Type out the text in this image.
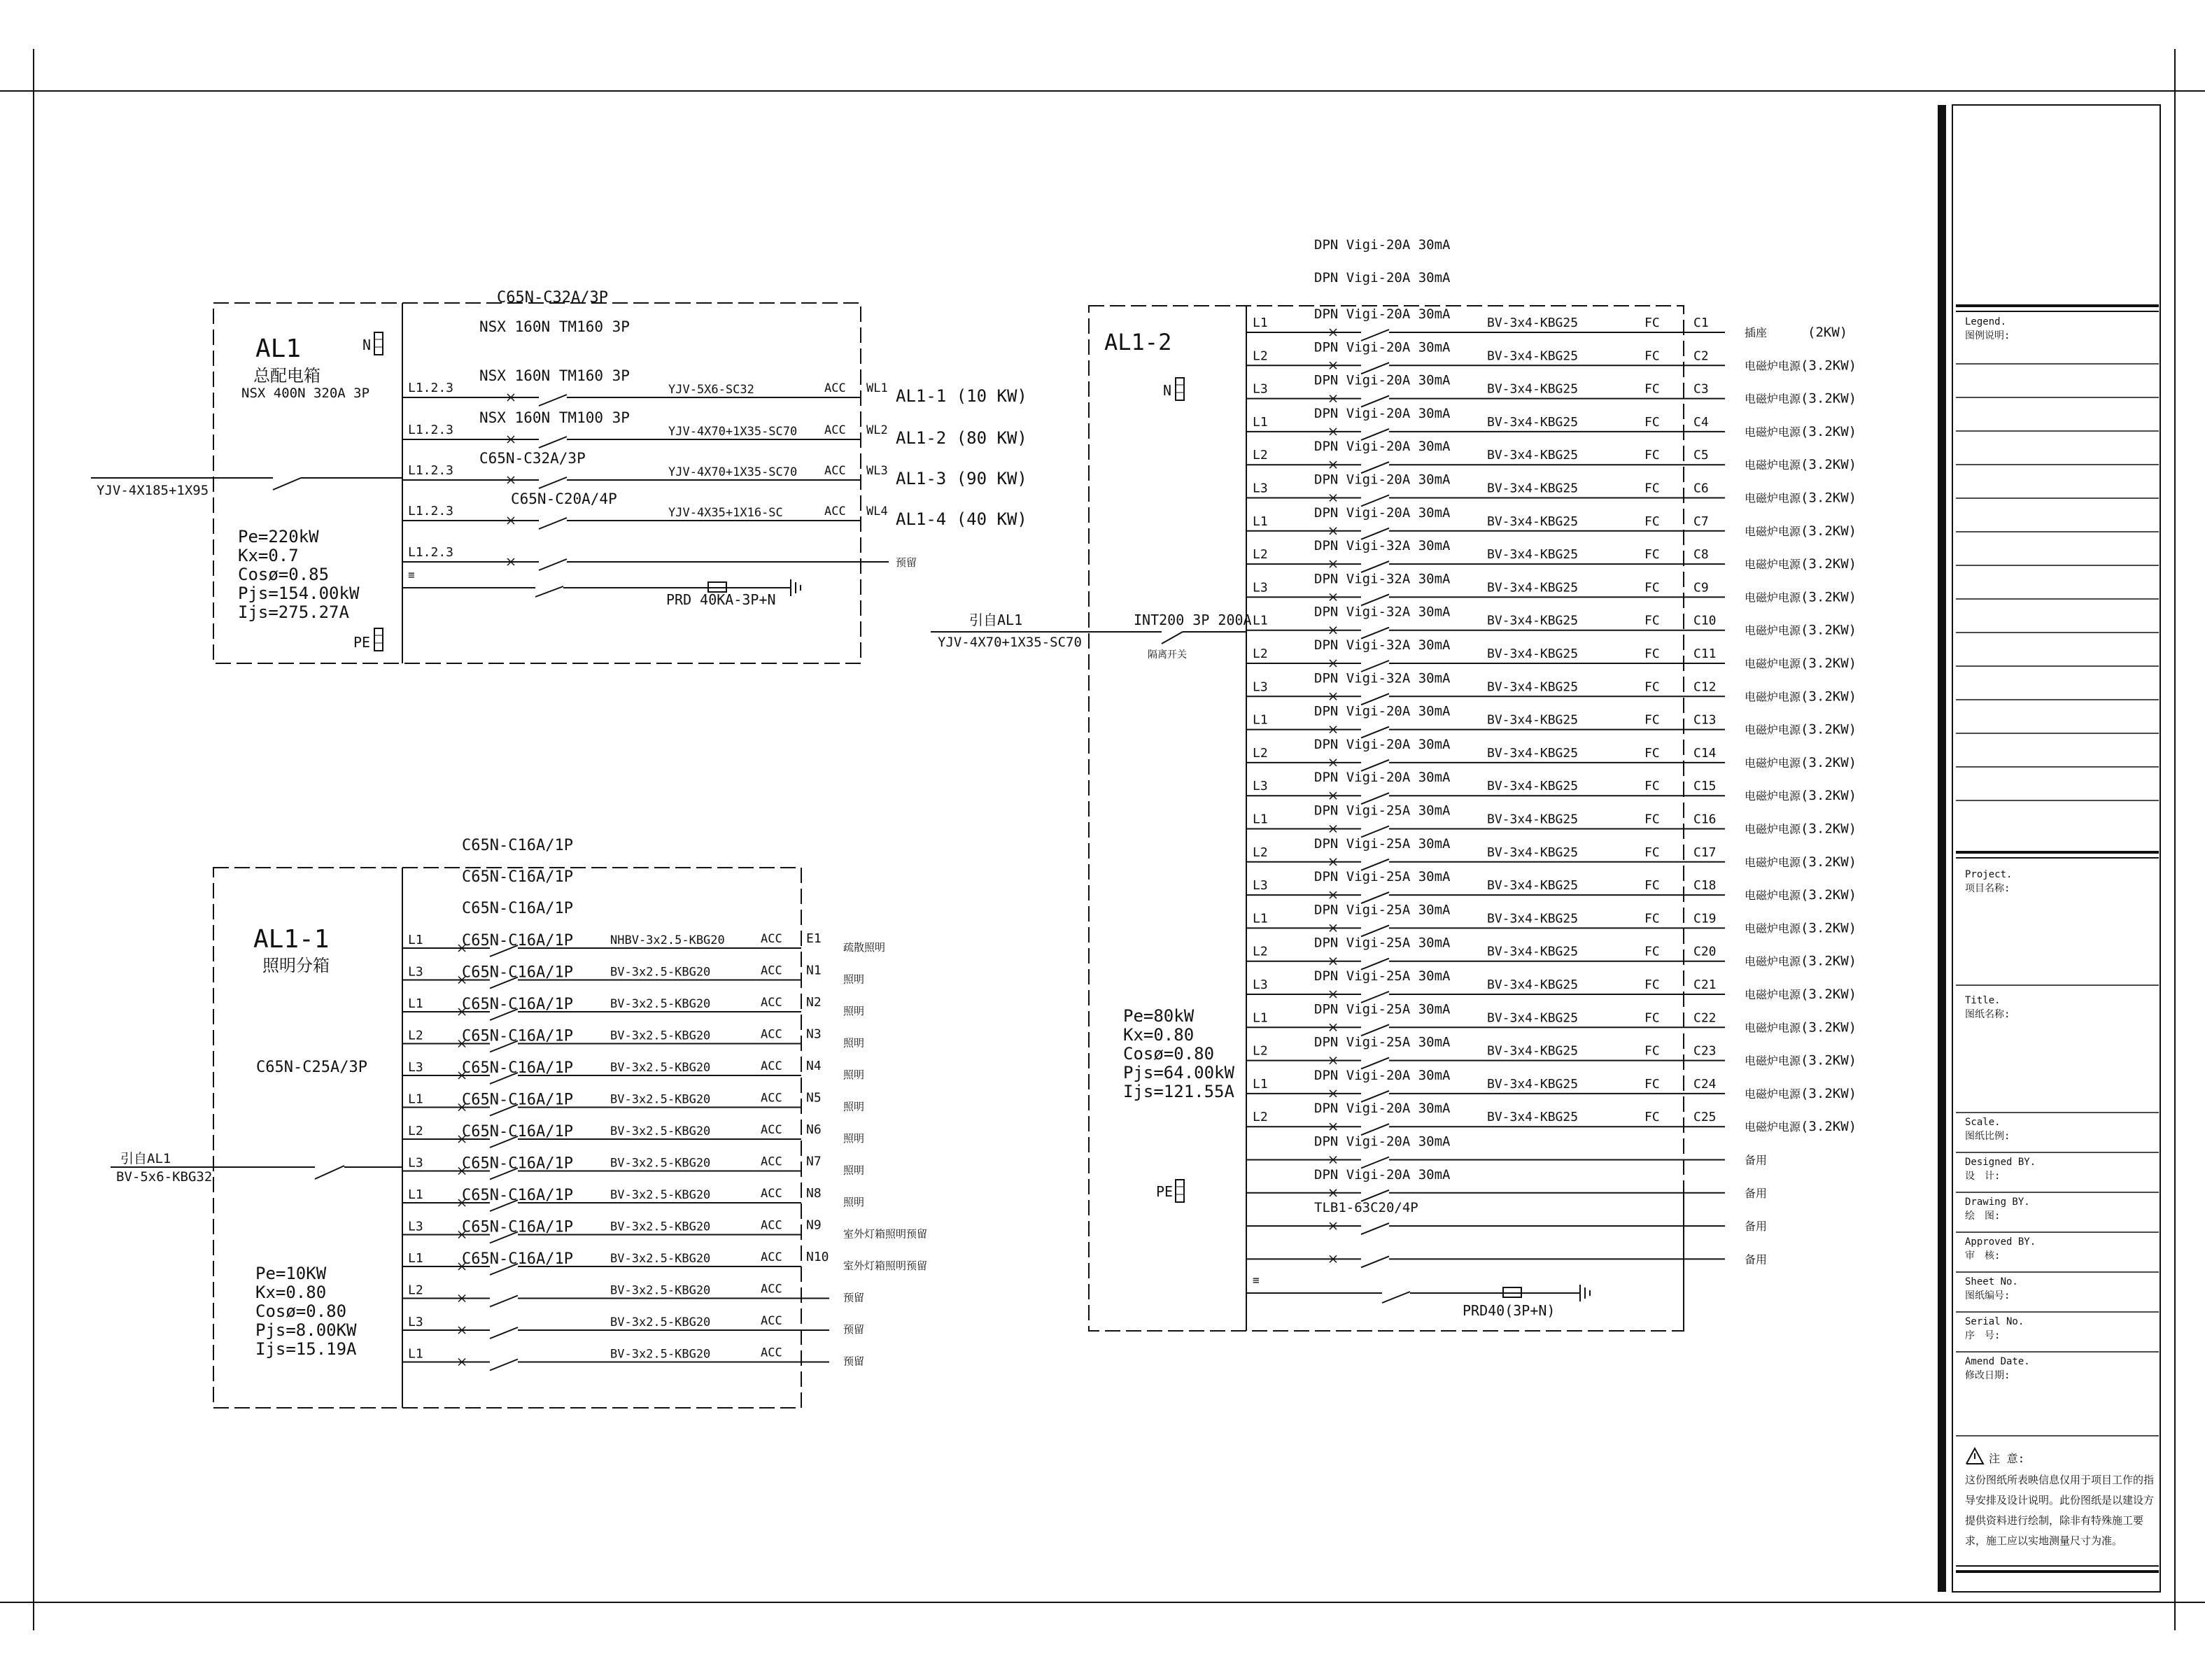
AL1
总配电箱
NSX 400N 320A 3P
N
PE
C65N-C32A/3P
YJV-4X185+1X95
Pe=220kW
Kx=0.7
Cosø=0.85
Pjs=154.00kW
Ijs=275.27A
NSX 160N TM160 3P
NSX 160N TM160 3P
L1.2.3	YJV-5X6-SC32	ACC WL1 AL1-1 (10 KW)
NSX 160N TM100 3P
L1.2.3	YJV-4X70+1X35-SC70 ACC WL2 AL1-2 (80 KW)
C65N-C32A/3P
L1.2.3	YJV-4X70+1X35-SC70 ACC WL3 AL1-3 (90 KW)
C65N-C20A/4P
L1.2.3	YJV-4X35+1X16-SC	ACC WL4 AL1-4 (40 KW)
L1.2.3
预留
≡
PRD 40KA-3P+N
AL1-1
照明分箱
C65N-C25A/3P
引自AL1
BV-5x6-KBG32
C65N-C16A/1P
C65N-C16A/1P
C65N-C16A/1P
Pe=10KW
Kx=0.80
Cosø=0.80
Pjs=8.00KW
Ijs=15.19A
L1	C65N-C16A/1P	NHBV-3x2.5-KBG20	ACC E1
疏散照明
L3	C65N-C16A/1P	BV-3x2.5-KBG20	ACC N1
照明
L1	C65N-C16A/1P	BV-3x2.5-KBG20	ACC N2
照明
L2	C65N-C16A/1P	BV-3x2.5-KBG20	ACC N3
照明
L3	C65N-C16A/1P	BV-3x2.5-KBG20	ACC N4
照明
L1	C65N-C16A/1P	BV-3x2.5-KBG20	ACC N5
照明
L2	C65N-C16A/1P	BV-3x2.5-KBG20	ACC N6
照明
L3	C65N-C16A/1P	BV-3x2.5-KBG20	ACC N7
照明
L1	C65N-C16A/1P	BV-3x2.5-KBG20	ACC N8
照明
L3	C65N-C16A/1P	BV-3x2.5-KBG20	ACC N9
室外灯箱照明预留
L1	C65N-C16A/1P	BV-3x2.5-KBG20	ACC N10
室外灯箱照明预留
L2	BV-3x2.5-KBG20	ACC
预留
L3	BV-3x2.5-KBG20	ACC
预留
L1	BV-3x2.5-KBG20	ACC
预留
AL1-2
N
PE
引自AL1
YJV-4X70+1X35-SC70
INT200 3P 200A
隔离开关
DPN Vigi-20A 30mA
DPN Vigi-20A 30mA
Pe=80kW
Kx=0.80
Cosø=0.80
Pjs=64.00kW
Ijs=121.55A
DPN Vigi-20A 30mA
L1	BV-3x4-KBG25	FC	C1
插座	(2KW)
DPN Vigi-20A 30mA
L2	BV-3x4-KBG25	FC	C2
电磁炉电源 (3.2KW)
DPN Vigi-20A 30mA
L3	BV-3x4-KBG25	FC	C3
电磁炉电源 (3.2KW)
DPN Vigi-20A 30mA
L1	BV-3x4-KBG25	FC	C4
电磁炉电源 (3.2KW)
DPN Vigi-20A 30mA
L2	BV-3x4-KBG25	FC	C5
电磁炉电源 (3.2KW)
DPN Vigi-20A 30mA
L3	BV-3x4-KBG25	FC	C6
电磁炉电源 (3.2KW)
DPN Vigi-20A 30mA
L1	BV-3x4-KBG25	FC	C7
电磁炉电源 (3.2KW)
DPN Vigi-32A 30mA
L2	BV-3x4-KBG25	FC	C8
电磁炉电源 (3.2KW)
DPN Vigi-32A 30mA
L3	BV-3x4-KBG25	FC	C9
电磁炉电源 (3.2KW)
DPN Vigi-32A 30mA
L1	BV-3x4-KBG25	FC	C10
电磁炉电源 (3.2KW)
DPN Vigi-32A 30mA
L2	BV-3x4-KBG25	FC	C11
电磁炉电源 (3.2KW)
DPN Vigi-32A 30mA
L3	BV-3x4-KBG25	FC	C12
电磁炉电源 (3.2KW)
DPN Vigi-20A 30mA
L1	BV-3x4-KBG25	FC	C13
电磁炉电源 (3.2KW)
DPN Vigi-20A 30mA
L2	BV-3x4-KBG25	FC	C14
电磁炉电源 (3.2KW)
DPN Vigi-20A 30mA
L3	BV-3x4-KBG25	FC	C15
电磁炉电源 (3.2KW)
DPN Vigi-25A 30mA
L1	BV-3x4-KBG25	FC	C16
电磁炉电源 (3.2KW)
DPN Vigi-25A 30mA
L2	BV-3x4-KBG25	FC	C17
电磁炉电源 (3.2KW)
DPN Vigi-25A 30mA
L3	BV-3x4-KBG25	FC	C18
电磁炉电源 (3.2KW)
DPN Vigi-25A 30mA
L1	BV-3x4-KBG25	FC	C19
电磁炉电源 (3.2KW)
DPN Vigi-25A 30mA
L2	BV-3x4-KBG25	FC	C20
电磁炉电源 (3.2KW)
DPN Vigi-25A 30mA
L3	BV-3x4-KBG25	FC	C21
电磁炉电源 (3.2KW)
DPN Vigi-25A 30mA
L1	BV-3x4-KBG25	FC	C22
电磁炉电源 (3.2KW)
DPN Vigi-25A 30mA
L2	BV-3x4-KBG25	FC	C23
电磁炉电源 (3.2KW)
DPN Vigi-20A 30mA
L1	BV-3x4-KBG25	FC	C24
电磁炉电源 (3.2KW)
DPN Vigi-20A 30mA
L2	BV-3x4-KBG25	FC	C25
电磁炉电源 (3.2KW)
DPN Vigi-20A 30mA
备用
DPN Vigi-20A 30mA
备用
TLB1-63C20/4P
备用
备用
≡
PRD40(3P+N)
Legend.
图例说明:
Project.
项目名称:
Title.
图纸名称:
Scale.
图纸比例:
Designed BY.
设　计:
Drawing BY.
绘　图:
Approved BY.
审　核:
Sheet No.
图纸编号:
Serial No.
序　号:
Amend Date.
修改日期:
注 意:
这份图纸所表映信息仅用于项目工作的指
导安排及设计说明。此份图纸是以建设方
提供资料进行绘制，除非有特殊施工要
求，施工应以实地测量尺寸为准。
